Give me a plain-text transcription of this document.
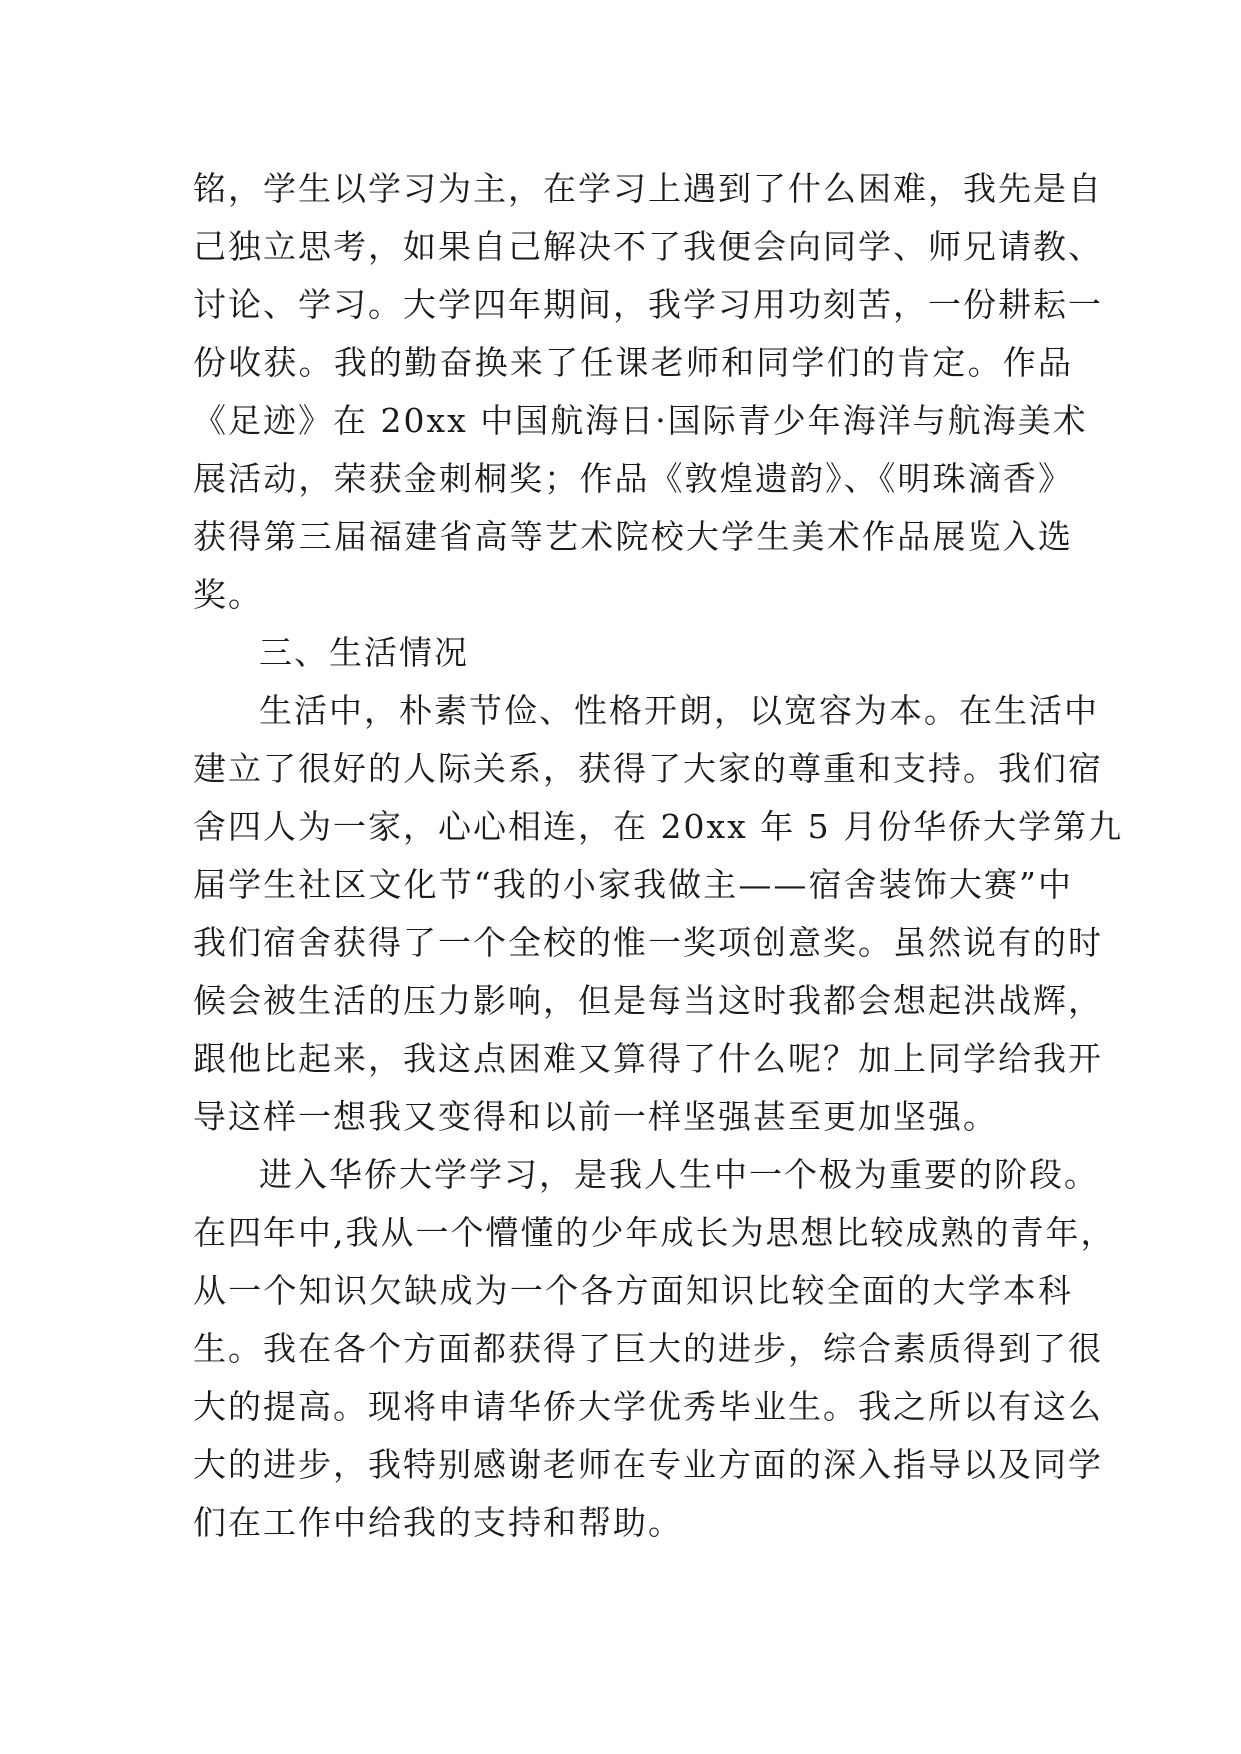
铭，学生以学习为主，在学习上遇到了什么困难，我先是自
己独立思考，如果自己解决不了我便会向同学、师兄请教、
讨论、学习。大学四年期间，我学习用功刻苦，一份耕耘一
份收获。我的勤奋换来了任课老师和同学们的肯定。作品
《足迹》在 20xx 中国航海日·国际青少年海洋与航海美术
展活动，荣获金刺桐奖；作品《敦煌遗韵》、《明珠滴香》
获得第三届福建省高等艺术院校大学生美术作品展览入选
奖。
三、生活情况
生活中，朴素节俭、性格开朗，以宽容为本。在生活中
建立了很好的人际关系，获得了大家的尊重和支持。我们宿
舍四人为一家，心心相连，在 20xx 年 5 月份华侨大学第九
届学生社区文化节“我的小家我做主——宿舍装饰大赛”中
我们宿舍获得了一个全校的惟一奖项创意奖。虽然说有的时
候会被生活的压力影响，但是每当这时我都会想起洪战辉，
跟他比起来，我这点困难又算得了什么呢？加上同学给我开
导这样一想我又变得和以前一样坚强甚至更加坚强。
进入华侨大学学习，是我人生中一个极为重要的阶段。
在四年中,我从一个懵懂的少年成长为思想比较成熟的青年，
从一个知识欠缺成为一个各方面知识比较全面的大学本科
生。我在各个方面都获得了巨大的进步，综合素质得到了很
大的提高。现将申请华侨大学优秀毕业生。我之所以有这么
大的进步，我特别感谢老师在专业方面的深入指导以及同学
们在工作中给我的支持和帮助。
